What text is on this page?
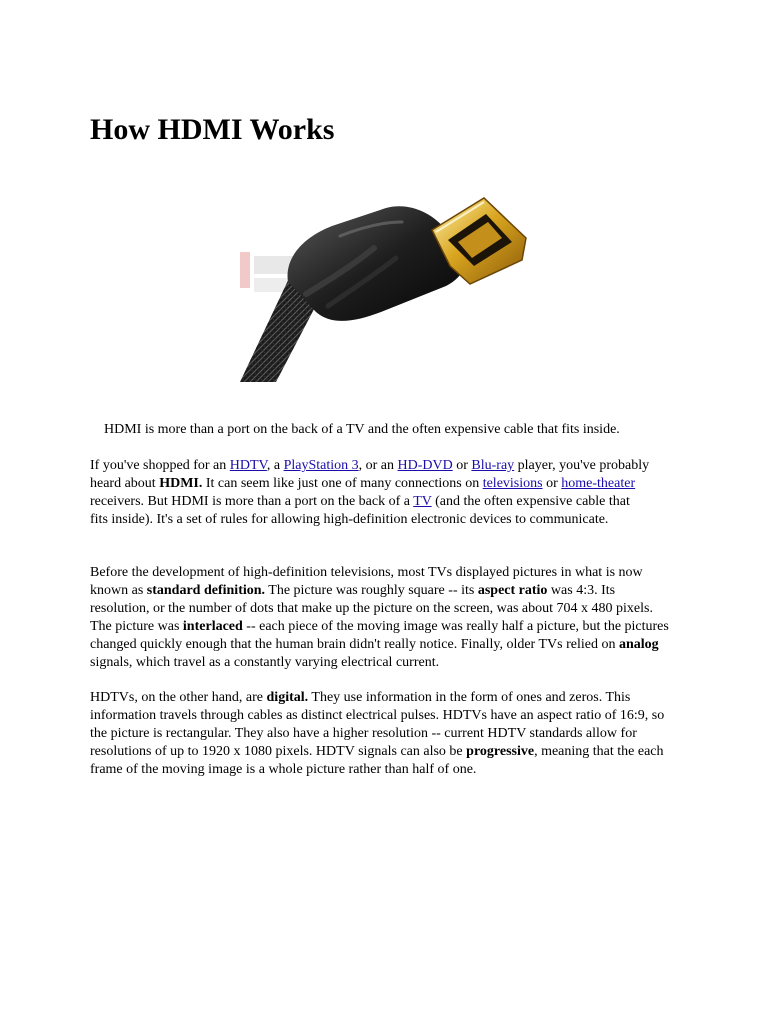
How HDMI Works

HDMI is more than a port on the back of a TV and the often expensive cable that fits inside.

If you've shopped for an HDTV, a PlayStation 3, or an HD-DVD or Blu-ray player, you've probably heard about HDMI. It can seem like just one of many connections on televisions or home-theater receivers. But HDMI is more than a port on the back of a TV (and the often expensive cable that fits inside). It's a set of rules for allowing high-definition electronic devices to communicate.

Before the development of high-definition televisions, most TVs displayed pictures in what is now known as standard definition. The picture was roughly square -- its aspect ratio was 4:3. Its resolution, or the number of dots that make up the picture on the screen, was about 704 x 480 pixels. The picture was interlaced -- each piece of the moving image was really half a picture, but the pictures changed quickly enough that the human brain didn't really notice. Finally, older TVs relied on analog signals, which travel as a constantly varying electrical current.

HDTVs, on the other hand, are digital. They use information in the form of ones and zeros. This information travels through cables as distinct electrical pulses. HDTVs have an aspect ratio of 16:9, so the picture is rectangular. They also have a higher resolution -- current HDTV standards allow for resolutions of up to 1920 x 1080 pixels. HDTV signals can also be progressive, meaning that the each frame of the moving image is a whole picture rather than half of one.
